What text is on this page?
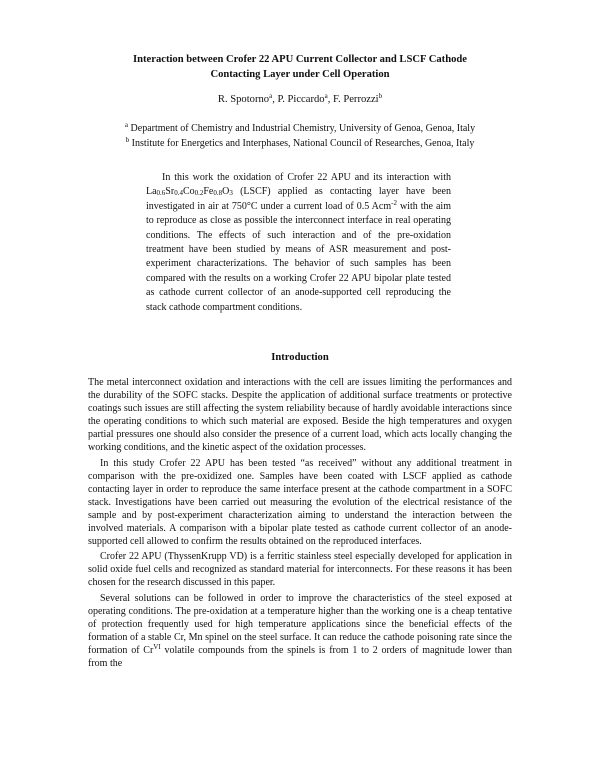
Interaction between Crofer 22 APU Current Collector and LSCF Cathode
Contacting Layer under Cell Operation
R. Spotorno$^a$, P. Piccardo$^a$, F. Perrozzi$^b$
$^a$ Department of Chemistry and Industrial Chemistry, University of Genoa, Genoa, Italy
$^b$ Institute for Energetics and Interphases, National Council of Researches, Genoa, Italy

In this work the oxidation of Crofer 22 APU and its interaction with $La_{0.6}Sr_{0.4}Co_{0.2}Fe_{0.8}O_3$ (LSCF) applied as contacting layer have been investigated in air at 750°C under a current load of 0.5 Acm$^{-2}$ with the aim to reproduce as close as possible the interconnect interface in real operating conditions. The effects of such interaction and of the pre-oxidation treatment have been studied by means of ASR measurement and post-experiment characterizations. The behavior of such samples has been compared with the results on a working Crofer 22 APU bipolar plate tested as cathode current collector of an anode-supported cell reproducing the stack cathode compartment conditions.

Introduction

The metal interconnect oxidation and interactions with the cell are issues limiting the performances and the durability of the SOFC stacks. Despite the application of additional surface treatments or protective coatings such issues are still affecting the system reliability because of hardly avoidable interactions since the operating conditions to which such material are exposed. Beside the high temperatures and oxygen partial pressures one should also consider the presence of a current load, which acts locally changing the working conditions, and the kinetic aspect of the oxidation processes.

In this study Crofer 22 APU has been tested “as received” without any additional treatment in comparison with the pre-oxidized one. Samples have been coated with LSCF applied as cathode contacting layer in order to reproduce the same interface present at the cathode compartment in a SOFC stack. Investigations have been carried out measuring the evolution of the electrical resistance of the sample and by post-experiment characterization aiming to understand the interaction between the involved materials. A comparison with a bipolar plate tested as cathode current collector of an anode-supported cell allowed to confirm the results obtained on the reproduced interfaces.

Crofer 22 APU (ThyssenKrupp VD) is a ferritic stainless steel especially developed for application in solid oxide fuel cells and recognized as standard material for interconnects. For these reasons it has been chosen for the research discussed in this paper.

Several solutions can be followed in order to improve the characteristics of the steel exposed at operating conditions. The pre-oxidation at a temperature higher than the working one is a cheap tentative of protection frequently used for high temperature applications since the beneficial effects of the formation of a stable Cr, Mn spinel on the steel surface. It can reduce the cathode poisoning rate since the formation of $Cr^{VI}$ volatile compounds from the spinels is from 1 to 2 orders of magnitude lower than from the
